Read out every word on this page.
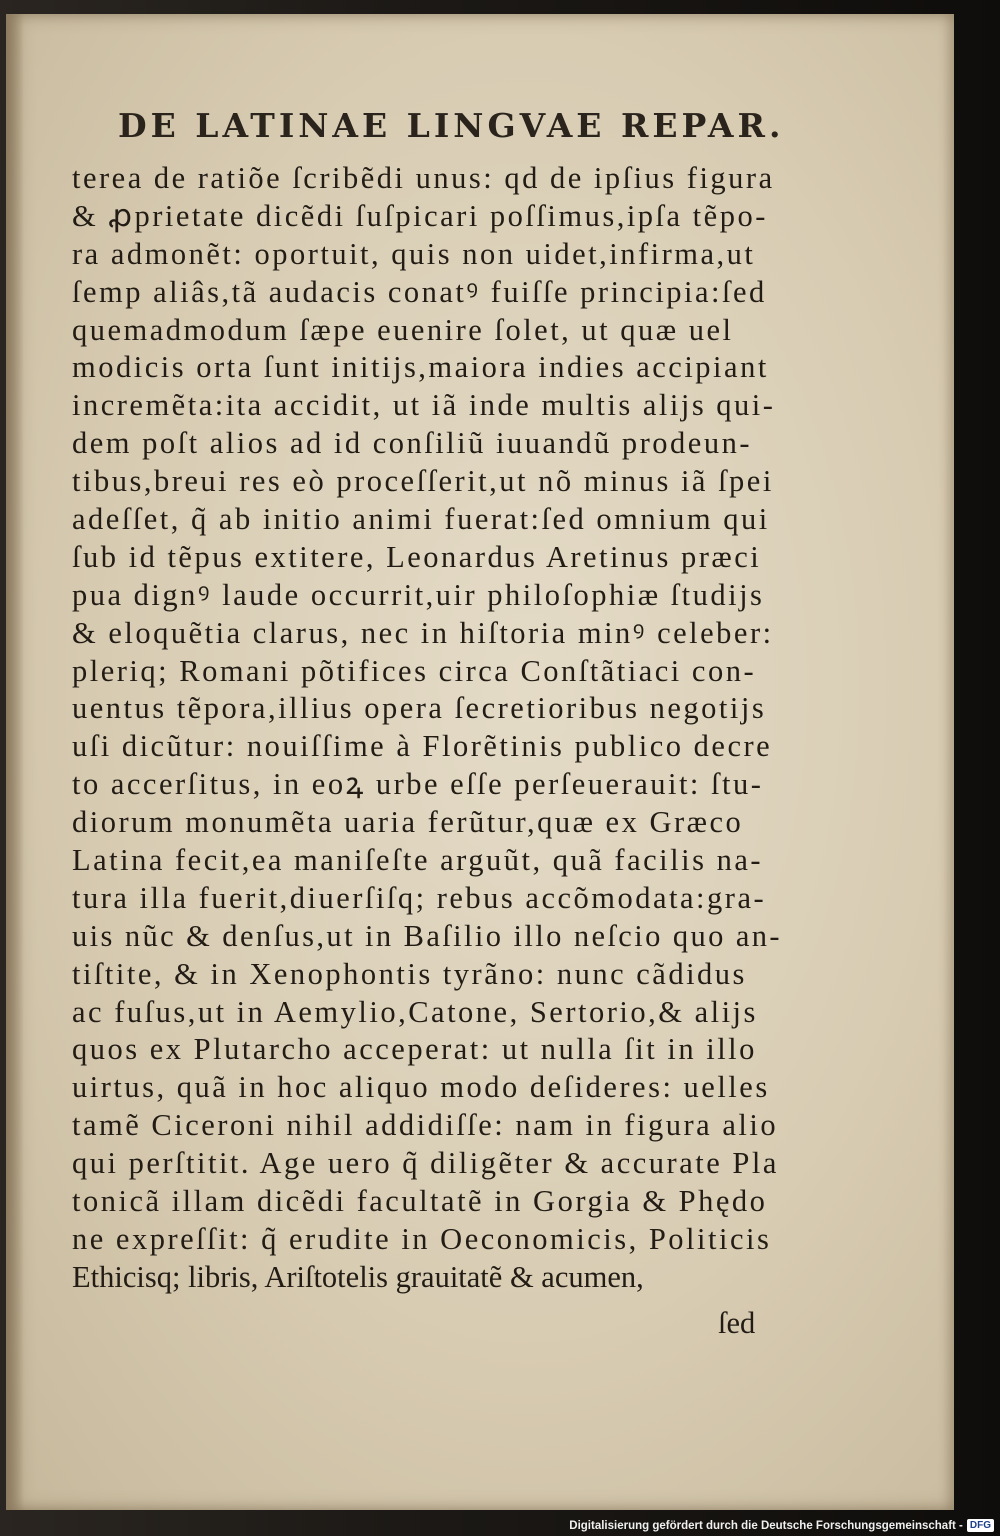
DE LATINAE LINGVAE REPAR.
terea de ratiõe ſcribẽdi unus: qd de ipſius figura
& ꝓprietate dicẽdi ſuſpicari poſſimus,ipſa tẽpo-
ra admonẽt: oportuit, quis non uidet,infirma,ut
ſemp aliâs,tã audacis conatꝰ fuiſſe principia:ſed
quemadmodum ſæpe euenire ſolet, ut quæ uel
modicis orta ſunt initijs,maiora indies accipiant
incremẽta:ita accidit, ut iã inde multis alijs qui-
dem poſt alios ad id conſiliũ iuuandũ prodeun-
tibus,breui res eò proceſſerit,ut nõ minus iã ſpei
adeſſet, q̃ ab initio animi fuerat:ſed omnium qui
ſub id tẽpus extitere, Leonardus Aretinus præci
pua dignꝰ laude occurrit,uir philoſophiæ ſtudijs
& eloquẽtia clarus, nec in hiſtoria minꝰ celeber:
pleriq; Romani põtifices circa Conſtãtiaci con-
uentus tẽpora,illius opera ſecretioribus negotijs
uſi dicũtur: nouiſſime à Florẽtinis publico decre
to accerſitus, in eoꝝ urbe eſſe perſeuerauit: ſtu-
diorum monumẽta uaria ferũtur,quæ ex Græco
Latina fecit,ea maniſeſte arguũt, quã facilis na-
tura illa fuerit,diuerſiſq; rebus accõmodata:gra-
uis nũc & denſus,ut in Baſilio illo neſcio quo an-
tiſtite, & in Xenophontis tyrãno: nunc cãdidus
ac fuſus,ut in Aemylio,Catone, Sertorio,& alijs
quos ex Plutarcho acceperat: ut nulla ſit in illo
uirtus, quã in hoc aliquo modo deſideres: uelles
tamẽ Ciceroni nihil addidiſſe: nam in figura alio
qui perſtitit. Age uero q̃ diligẽter & accurate Pla
tonicã illam dicẽdi facultatẽ in Gorgia & Phędo
ne expreſſit: q̃ erudite in Oeconomicis, Politicis
Ethicisq; libris, Ariſtotelis grauitatẽ & acumen,
ſed
Digitalisierung gefördert durch die Deutsche Forschungsgemeinschaft - DFG
